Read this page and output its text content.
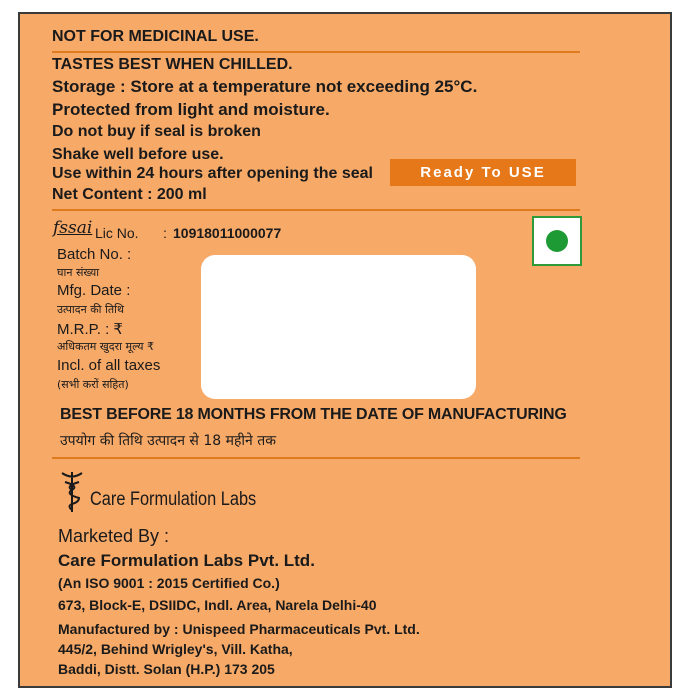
NOT FOR MEDICINAL USE.
TASTES BEST WHEN CHILLED.
Storage : Store at a temperature not exceeding 25°C.
Protected from light and moisture.
Do not buy if seal is broken
Shake well before use.
Use within 24 hours after opening the seal	Ready To USE
Net Content : 200 ml
fssai Lic No. : 10918011000077
Batch No. :
घान संख्या
Mfg. Date :
उत्पादन की तिथि
M.R.P. : ₹
अधिकतम खुदरा मूल्य ₹
Incl. of all taxes
(सभी करों सहित)
BEST BEFORE 18 MONTHS FROM THE DATE OF MANUFACTURING
उपयोग की तिथि उत्पादन से 18 महीने तक
Care Formulation Labs
Marketed By :
Care Formulation Labs Pvt. Ltd.
(An ISO 9001 : 2015 Certified Co.)
673, Block-E, DSIIDC, Indl. Area, Narela Delhi-40
Manufactured by : Unispeed Pharmaceuticals Pvt. Ltd.
445/2, Behind Wrigley's, Vill. Katha,
Baddi, Distt. Solan (H.P.) 173 205
